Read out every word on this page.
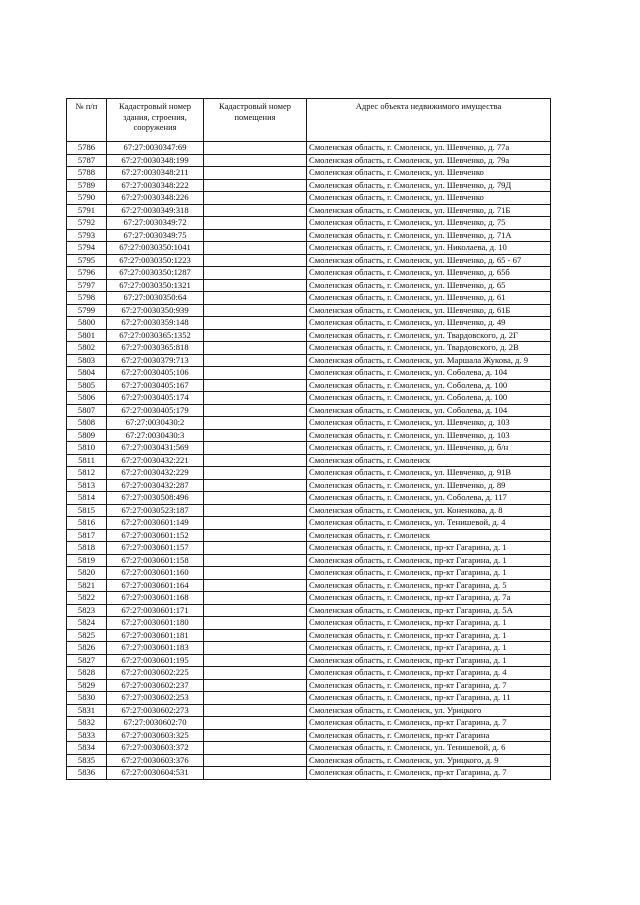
№ п/п	Кадастровый номер здания, строения, сооружения	Кадастровый номер помещения	Адрес объекта недвижимого имущества
5786	67:27:0030347:69		Смоленская область, г. Смоленск, ул. Шевченко, д. 77а
5787	67:27:0030348:199		Смоленская область, г. Смоленск, ул. Шевченко, д. 79а
5788	67:27:0030348:211		Смоленская область, г. Смоленск, ул. Шевченко
5789	67:27:0030348:222		Смоленская область, г. Смоленск, ул. Шевченко, д. 79Д
5790	67:27:0030348:226		Смоленская область, г. Смоленск, ул. Шевченко
5791	67:27:0030349:318		Смоленская область, г. Смоленск, ул. Шевченко, д. 71Б
5792	67:27:0030349:72		Смоленская область, г. Смоленск, ул. Шевченко, д. 75
5793	67:27:0030349:75		Смоленская область, г. Смоленск, ул. Шевченко, д. 71А
5794	67:27:0030350:1041		Смоленская область, г. Смоленск, ул. Николаева, д. 10
5795	67:27:0030350:1223		Смоленская область, г. Смоленск, ул. Шевченко, д. 65 - 67
5796	67:27:0030350:1287		Смоленская область, г. Смоленск, ул. Шевченко, д. 65б
5797	67:27:0030350:1321		Смоленская область, г. Смоленск, ул. Шевченко, д. 65
5798	67:27:0030350:64		Смоленская область, г. Смоленск, ул. Шевченко, д. 61
5799	67:27:0030350:939		Смоленская область, г. Смоленск, ул. Шевченко, д. 61Б
5800	67:27:0030359:148		Смоленская область, г. Смоленск, ул. Шевченко, д. 49
5801	67:27:0030365:1352		Смоленская область, г. Смоленск, ул. Твардовского, д. 2Г
5802	67:27:0030365:818		Смоленская область, г. Смоленск, ул. Твардовского, д. 2В
5803	67:27:0030379:713		Смоленская область, г. Смоленск, ул. Маршала Жукова, д. 9
5804	67:27:0030405:106		Смоленская область, г. Смоленск, ул. Соболева, д. 104
5805	67:27:0030405:167		Смоленская область, г. Смоленск, ул. Соболева, д. 100
5806	67:27:0030405:174		Смоленская область, г. Смоленск, ул. Соболева, д. 100
5807	67:27:0030405:179		Смоленская область, г. Смоленск, ул. Соболева, д. 104
5808	67:27:0030430:2		Смоленская область, г. Смоленск, ул. Шевченко, д. 103
5809	67:27:0030430:3		Смоленская область, г. Смоленск, ул. Шевченко, д. 103
5810	67:27:0030431:569		Смоленская область, г. Смоленск, ул. Шевченко, д. б/н
5811	67:27:0030432:221		Смоленская область, г. Смоленск
5812	67:27:0030432:229		Смоленская область, г. Смоленск, ул. Шевченко, д. 91В
5813	67:27:0030432:287		Смоленская область, г. Смоленск, ул. Шевченко, д. 89
5814	67:27:0030508:496		Смоленская область, г. Смоленск, ул. Соболева, д. 117
5815	67:27:0030523:187		Смоленская область, г. Смоленск, ул. Коненкова, д. 8
5816	67:27:0030601:149		Смоленская область, г. Смоленск, ул. Тенишевой, д. 4
5817	67:27:0030601:152		Смоленская область, г. Смоленск
5818	67:27:0030601:157		Смоленская область, г. Смоленск, пр-кт Гагарина, д. 1
5819	67:27:0030601:158		Смоленская область, г. Смоленск, пр-кт Гагарина, д. 1
5820	67:27:0030601:160		Смоленская область, г. Смоленск, пр-кт Гагарина, д. 1
5821	67:27:0030601:164		Смоленская область, г. Смоленск, пр-кт Гагарина, д. 5
5822	67:27:0030601:168		Смоленская область, г. Смоленск, пр-кт Гагарина, д. 7а
5823	67:27:0030601:171		Смоленская область, г. Смоленск, пр-кт Гагарина, д. 5А
5824	67:27:0030601:180		Смоленская область, г. Смоленск, пр-кт Гагарина, д. 1
5825	67:27:0030601:181		Смоленская область, г. Смоленск, пр-кт Гагарина, д. 1
5826	67:27:0030601:183		Смоленская область, г. Смоленск, пр-кт Гагарина, д. 1
5827	67:27:0030601:195		Смоленская область, г. Смоленск, пр-кт Гагарина, д. 1
5828	67:27:0030602:225		Смоленская область, г. Смоленск, пр-кт Гагарина, д. 4
5829	67:27:0030602:237		Смоленская область, г. Смоленск, пр-кт Гагарина, д. 7
5830	67:27:0030602:253		Смоленская область, г. Смоленск, пр-кт Гагарина, д. 11
5831	67:27:0030602:273		Смоленская область, г. Смоленск, ул. Урицкого
5832	67:27:0030602:70		Смоленская область, г. Смоленск, пр-кт Гагарина, д. 7
5833	67:27:0030603:325		Смоленская область, г. Смоленск, пр-кт Гагарина
5834	67:27:0030603:372		Смоленская область, г. Смоленск, ул. Тенишевой, д. 6
5835	67:27:0030603:376		Смоленская область, г. Смоленск, ул. Урицкого, д. 9
5836	67:27:0030604:531		Смоленская область, г. Смоленск, пр-кт Гагарина, д. 7
